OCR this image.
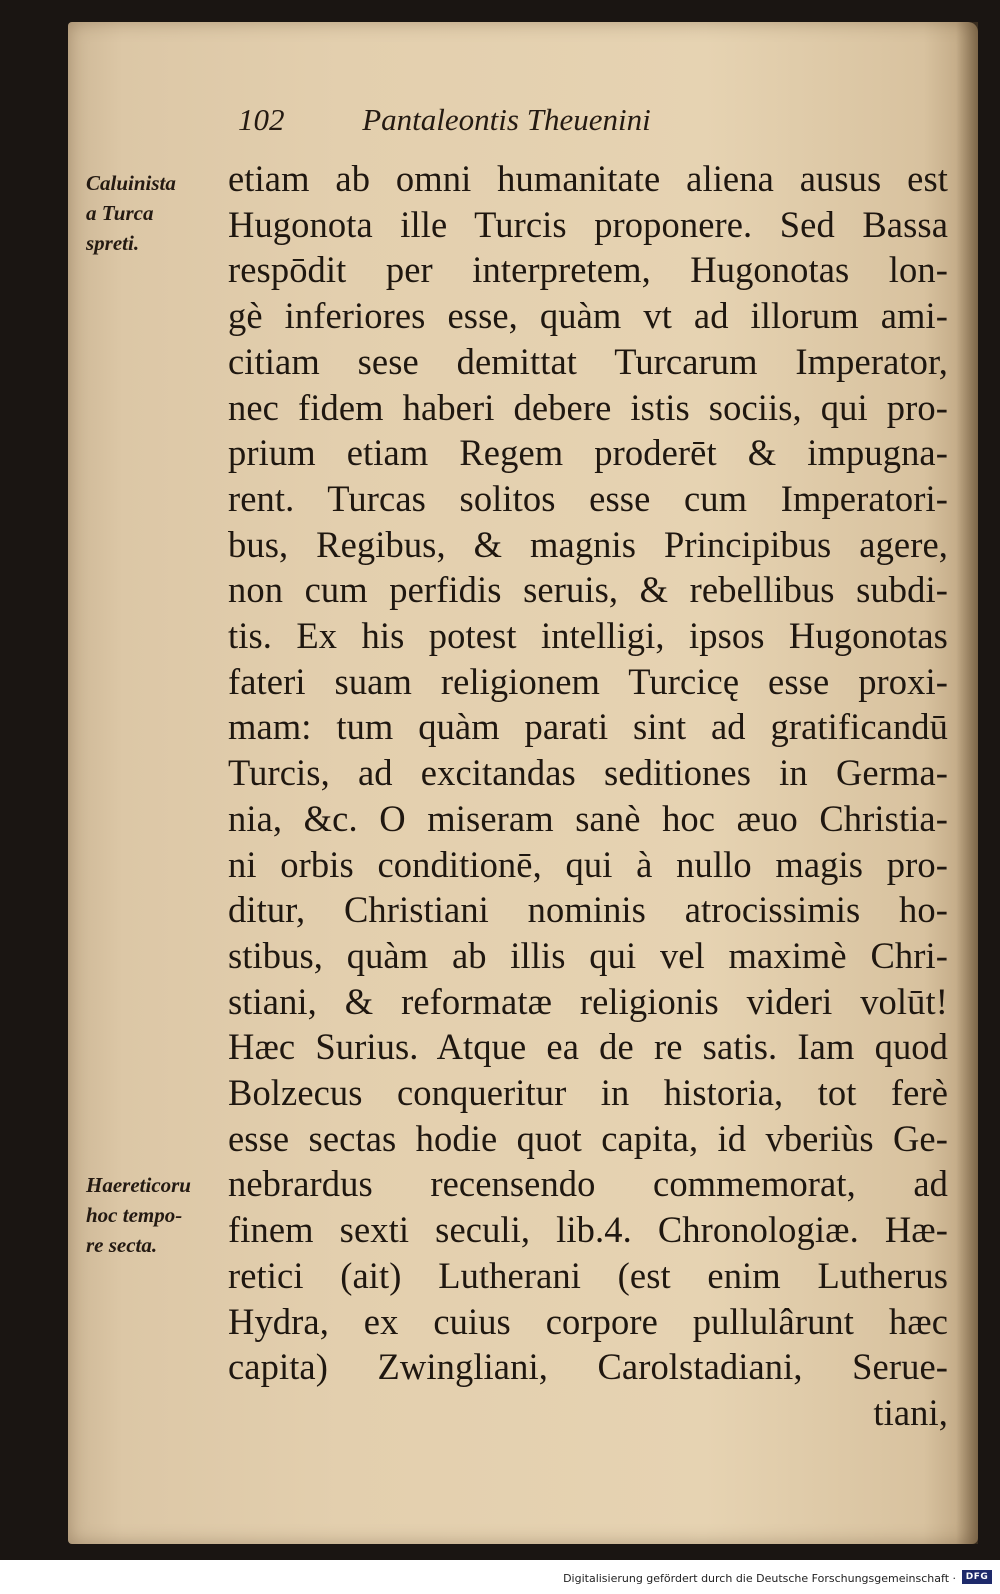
102	Pantaleontis Theuenini
Caluinista
a Turca
spreti.
Haereticoru
hoc tempo-
re secta.
etiam ab omni humanitate aliena ausus est
Hugonota ille Turcis proponere. Sed Bassa
respōdit per interpretem, Hugonotas lon-
gè inferiores esse, quàm vt ad illorum ami-
citiam sese demittat Turcarum Imperator,
nec fidem haberi debere istis sociis, qui pro-
prium etiam Regem proderēt & impugna-
rent. Turcas solitos esse cum Imperatori-
bus, Regibus, & magnis Principibus agere,
non cum perfidis seruis, & rebellibus subdi-
tis. Ex his potest intelligi, ipsos Hugonotas
fateri suam religionem Turcicę esse proxi-
mam: tum quàm parati sint ad gratificandū
Turcis, ad excitandas seditiones in Germa-
nia, &c. O miseram sanè hoc æuo Christia-
ni orbis conditionē, qui à nullo magis pro-
ditur, Christiani nominis atrocissimis ho-
stibus, quàm ab illis qui vel maximè Chri-
stiani, & reformatæ religionis videri volūt!
Hæc Surius. Atque ea de re satis. Iam quod
Bolzecus conqueritur in historia, tot ferè
esse sectas hodie quot capita, id vberiùs Ge-
nebrardus recensendo commemorat, ad
finem sexti seculi, lib.4. Chronologiæ. Hæ-
retici (ait) Lutherani (est enim Lutherus
Hydra, ex cuius corpore pullulârunt hæc
capita) Zwingliani, Carolstadiani, Serue-
tiani,
Digitalisierung gefördert durch die Deutsche Forschungsgemeinschaft ·	DFG
